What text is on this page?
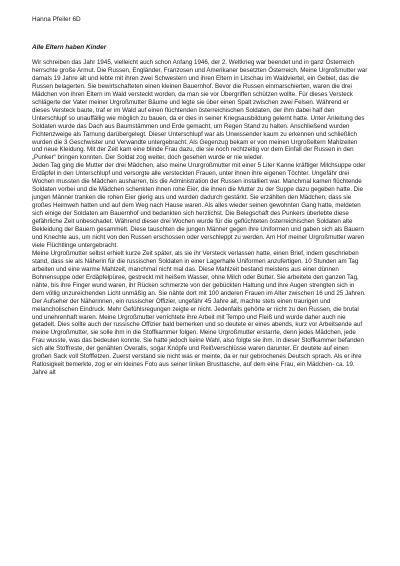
Hanna Pfeiler 6D
Alle Eltern haben Kinder

Wir schreiben das Jahr 1945, vielleicht auch schon Anfang 1946, der 2. Weltkrieg war beendet und in ganz Österreich herrschte große Armut. Die Russen, Engländer, Franzosen und Amerikaner besetzten Österreich. Meine Urgroßmutter war damals 19 Jahre alt und lebte mit ihren zwei Schwestern und ihren Eltern in Litschau im Waldviertel, ein Gebiet, das die Russen belagerten. Sie bewirtschafteten einen kleinen Bauernhof. Bevor die Russen einmarschierten, waren die drei Mädchen von ihren Eltern im Wald versteckt worden, da man sie vor Übergriffen schützen wollte. Für dieses Versteck schlägerte der Vater meiner Urgroßmutter Bäume und legte sie über einen Spalt zwischen zwei Felsen. Während er dieses Versteck baute, traf er im Wald auf einen flüchtenden österreichischen Soldaten, der ihm dabei half den Unterschlupf so unauffällig wie möglich zu bauen, da er dies in seiner Kriegsausbildung gelernt hatte. Unter Anleitung des Soldaten wurde das Dach aus Baumstämmen und Erde gemacht, um Regen Stand zu halten. Anschließend wurden Fichtenzweige als Tarnung darübergelegt. Dieser Unterschlupf war als Unwissender kaum zu erkennen und schließlich wurden die 3 Geschwister und Verwandte untergebracht. Als Gegenzug bekam er von meinen Urgroßeltern Mahlzeiten und neue Kleidung. Mit der Zeit kam eine blinde Frau dazu, die sie noch rechtzeitig vor dem Einfall der Russen in den „Punker“ bringen konnten. Der Soldat zog weiter, doch gesehen wurde er nie wieder.

Jeden Tag ging die Mutter der drei Mädchen, also meine Ururgroßmutter mit einer 5 Liter Kanne kräftiger Milchsuppe oder Erdäpfel in den Unterschlupf und versorgte alle versteckten Frauen, unter ihnen ihre eigenen Töchter. Ungefähr drei Wochen mussten die Mädchen ausharren, bis die Administration der Russen installiert war. Manchmal kamen flüchtende Soldaten vorbei und die Mädchen schenkten ihnen rohe Eier, die ihnen die Mutter zu der Suppe dazu gegeben hatte. Die jungen Männer tranken die rohen Eier gierig aus und wurden dadurch gestärkt. Sie erzählten den Mädchen, dass sie großes Heimweh hatten und auf dem Weg nach Hause waren. Als alles wieder seinen gewohnten Gang hatte, meldeten sich einige der Soldaten am Bauernhof und bedankten sich herzlichst. Die Belegschaft des Punkers überlebte diese gefährliche Zeit unbeschadet. Während dieser drei Wochen wurde für die geflüchteten österreichischen Soldaten alte Bekleidung der Bauern gesammelt. Diese tauschten die jungen Männer gegen ihre Uniformen und gaben sich als Bauern und Knechte aus, um nicht von den Russen erschossen oder verschleppt zu werden. Am Hof meiner Urgroßmutter waren viele Flüchtlinge untergebracht.

Meine Urgroßmutter selbst erhielt kurze Zeit später, als sie ihr Versteck verlassen hatte, einen Brief, indem geschrieben stand, dass sie als Näherin für die russischen Soldaten in einer Lagerhalle Uniformen anzufertigen. 10 Stunden am Tag arbeiten und eine warme Mahlzeit, manchmal nicht mal das. Diese Mahlzeit bestand meistens aus einer dünnen Bohnensuppe oder Erdäpfelpüree, gestreckt mit heißem Wasser, ohne Milch oder Butter. Sie arbeitete den ganzen Tag, nähte, bis ihre Finger wund waren, ihr Rücken schmerzte von der gebückten Haltung und ihre Augen strengten sich in dem völlig unzureichenden Licht unmäßig an. Sie nähte dort mit 100 anderen Frauen im Alter zwischen 16 und 25 Jahren. Der Aufseher der Näherinnen, ein russischer Offizier, ungefähr 45 Jahre alt, machte stets einen traurigen und melancholischen Eindruck. Mehr Gefühlsregungen zeigte er nicht. Jedenfalls gehörte er nicht zu den Russen, die brutal und unehrenhaft waren. Meine Urgroßmutter verrichtete ihre Arbeit mit Tempo und Fleiß und wurde daher auch nie getadelt. Dies sollte auch der russische Offizier bald bemerken und so deutete er eines abends, kurz vor Arbeitsende auf meine Urgroßmutter, sie solle ihm in die Stoffkammer folgen. Meine Urgroßmutter erstarrte, denn jedes Mädchen, jede Frau wusste, was das bedeuten konnte. Sie hatte jedoch keine Wahl, also folgte sie ihm. In dieser Stoffkammer befanden sich alle Stoffreste, der genähten Overalls, sogar Knöpfe und Reißverschlüsse waren darunter. Er deutete auf einen großen Sack voll Stofffetzen. Zuerst verstand sie nicht was er meinte, da er nur gebrochenes Deutsch sprach. Als er ihre Ratlosigkeit bemerkte, zog er ein kleines Foto aus seiner linken Brusttasche, auf dem eine Frau, ein Mädchen- ca. 19. Jahre alt
